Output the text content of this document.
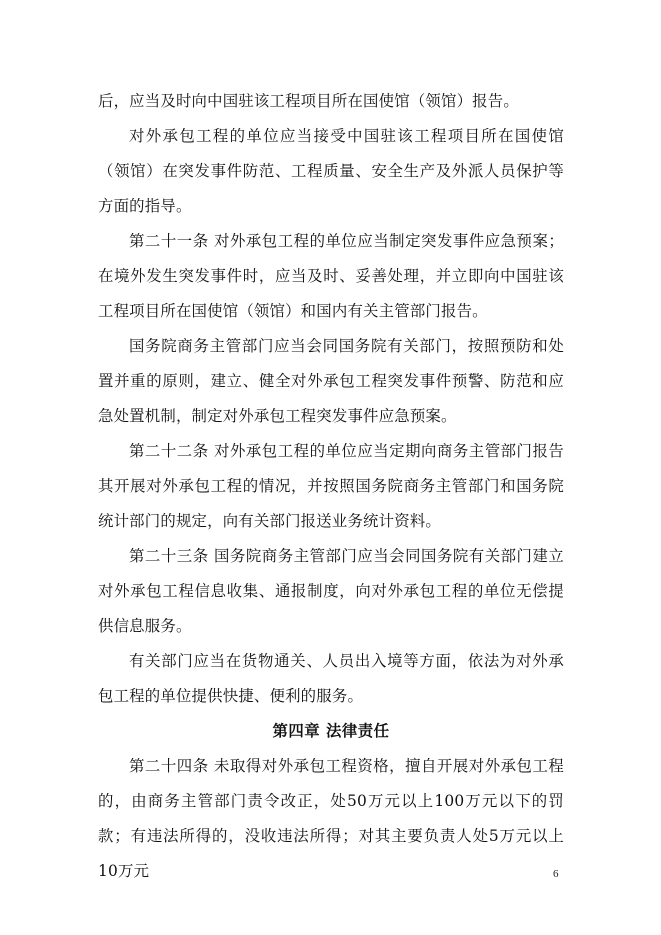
后，应当及时向中国驻该工程项目所在国使馆（领馆）报告。

对外承包工程的单位应当接受中国驻该工程项目所在国使馆（领馆）在突发事件防范、工程质量、安全生产及外派人员保护等方面的指导。

第二十一条 对外承包工程的单位应当制定突发事件应急预案；在境外发生突发事件时，应当及时、妥善处理，并立即向中国驻该工程项目所在国使馆（领馆）和国内有关主管部门报告。

国务院商务主管部门应当会同国务院有关部门，按照预防和处置并重的原则，建立、健全对外承包工程突发事件预警、防范和应急处置机制，制定对外承包工程突发事件应急预案。

第二十二条 对外承包工程的单位应当定期向商务主管部门报告其开展对外承包工程的情况，并按照国务院商务主管部门和国务院统计部门的规定，向有关部门报送业务统计资料。

第二十三条 国务院商务主管部门应当会同国务院有关部门建立对外承包工程信息收集、通报制度，向对外承包工程的单位无偿提供信息服务。

有关部门应当在货物通关、人员出入境等方面，依法为对外承包工程的单位提供快捷、便利的服务。

第四章 法律责任

第二十四条 未取得对外承包工程资格，擅自开展对外承包工程的，由商务主管部门责令改正，处50万元以上100万元以下的罚款；有违法所得的，没收违法所得；对其主要负责人处5万元以上10万元	6
